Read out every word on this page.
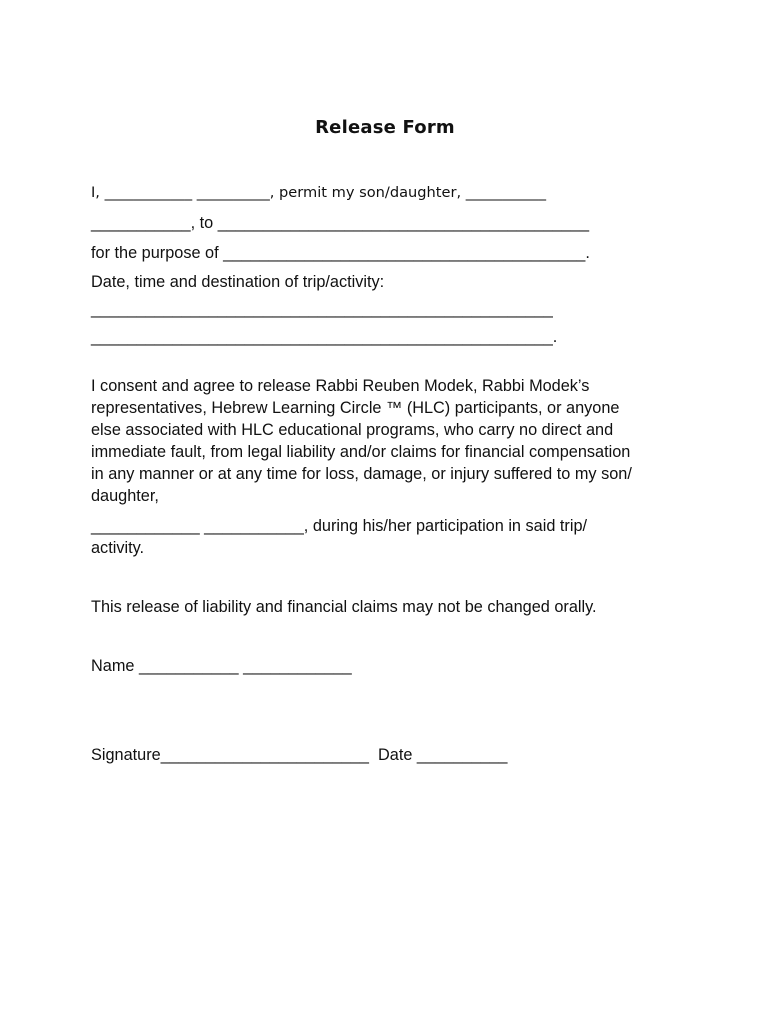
Release Form
I, ____________ __________, permit my son/daughter, ___________
___________, to _________________________________________
for the purpose of ________________________________________.
Date, time and destination of trip/activity:
___________________________________________________
___________________________________________________.
I consent and agree to release Rabbi Reuben Modek, Rabbi Modek’s
representatives, Hebrew Learning Circle ™ (HLC) participants, or anyone
else associated with HLC educational programs, who carry no direct and
immediate fault, from legal liability and/or claims for financial compensation
in any manner or at any time for loss, damage, or injury suffered to my son/
daughter,
____________ ___________, during his/her participation in said trip/
activity.
This release of liability and financial claims may not be changed orally.
Name ___________ ____________
Signature_______________________  Date __________
